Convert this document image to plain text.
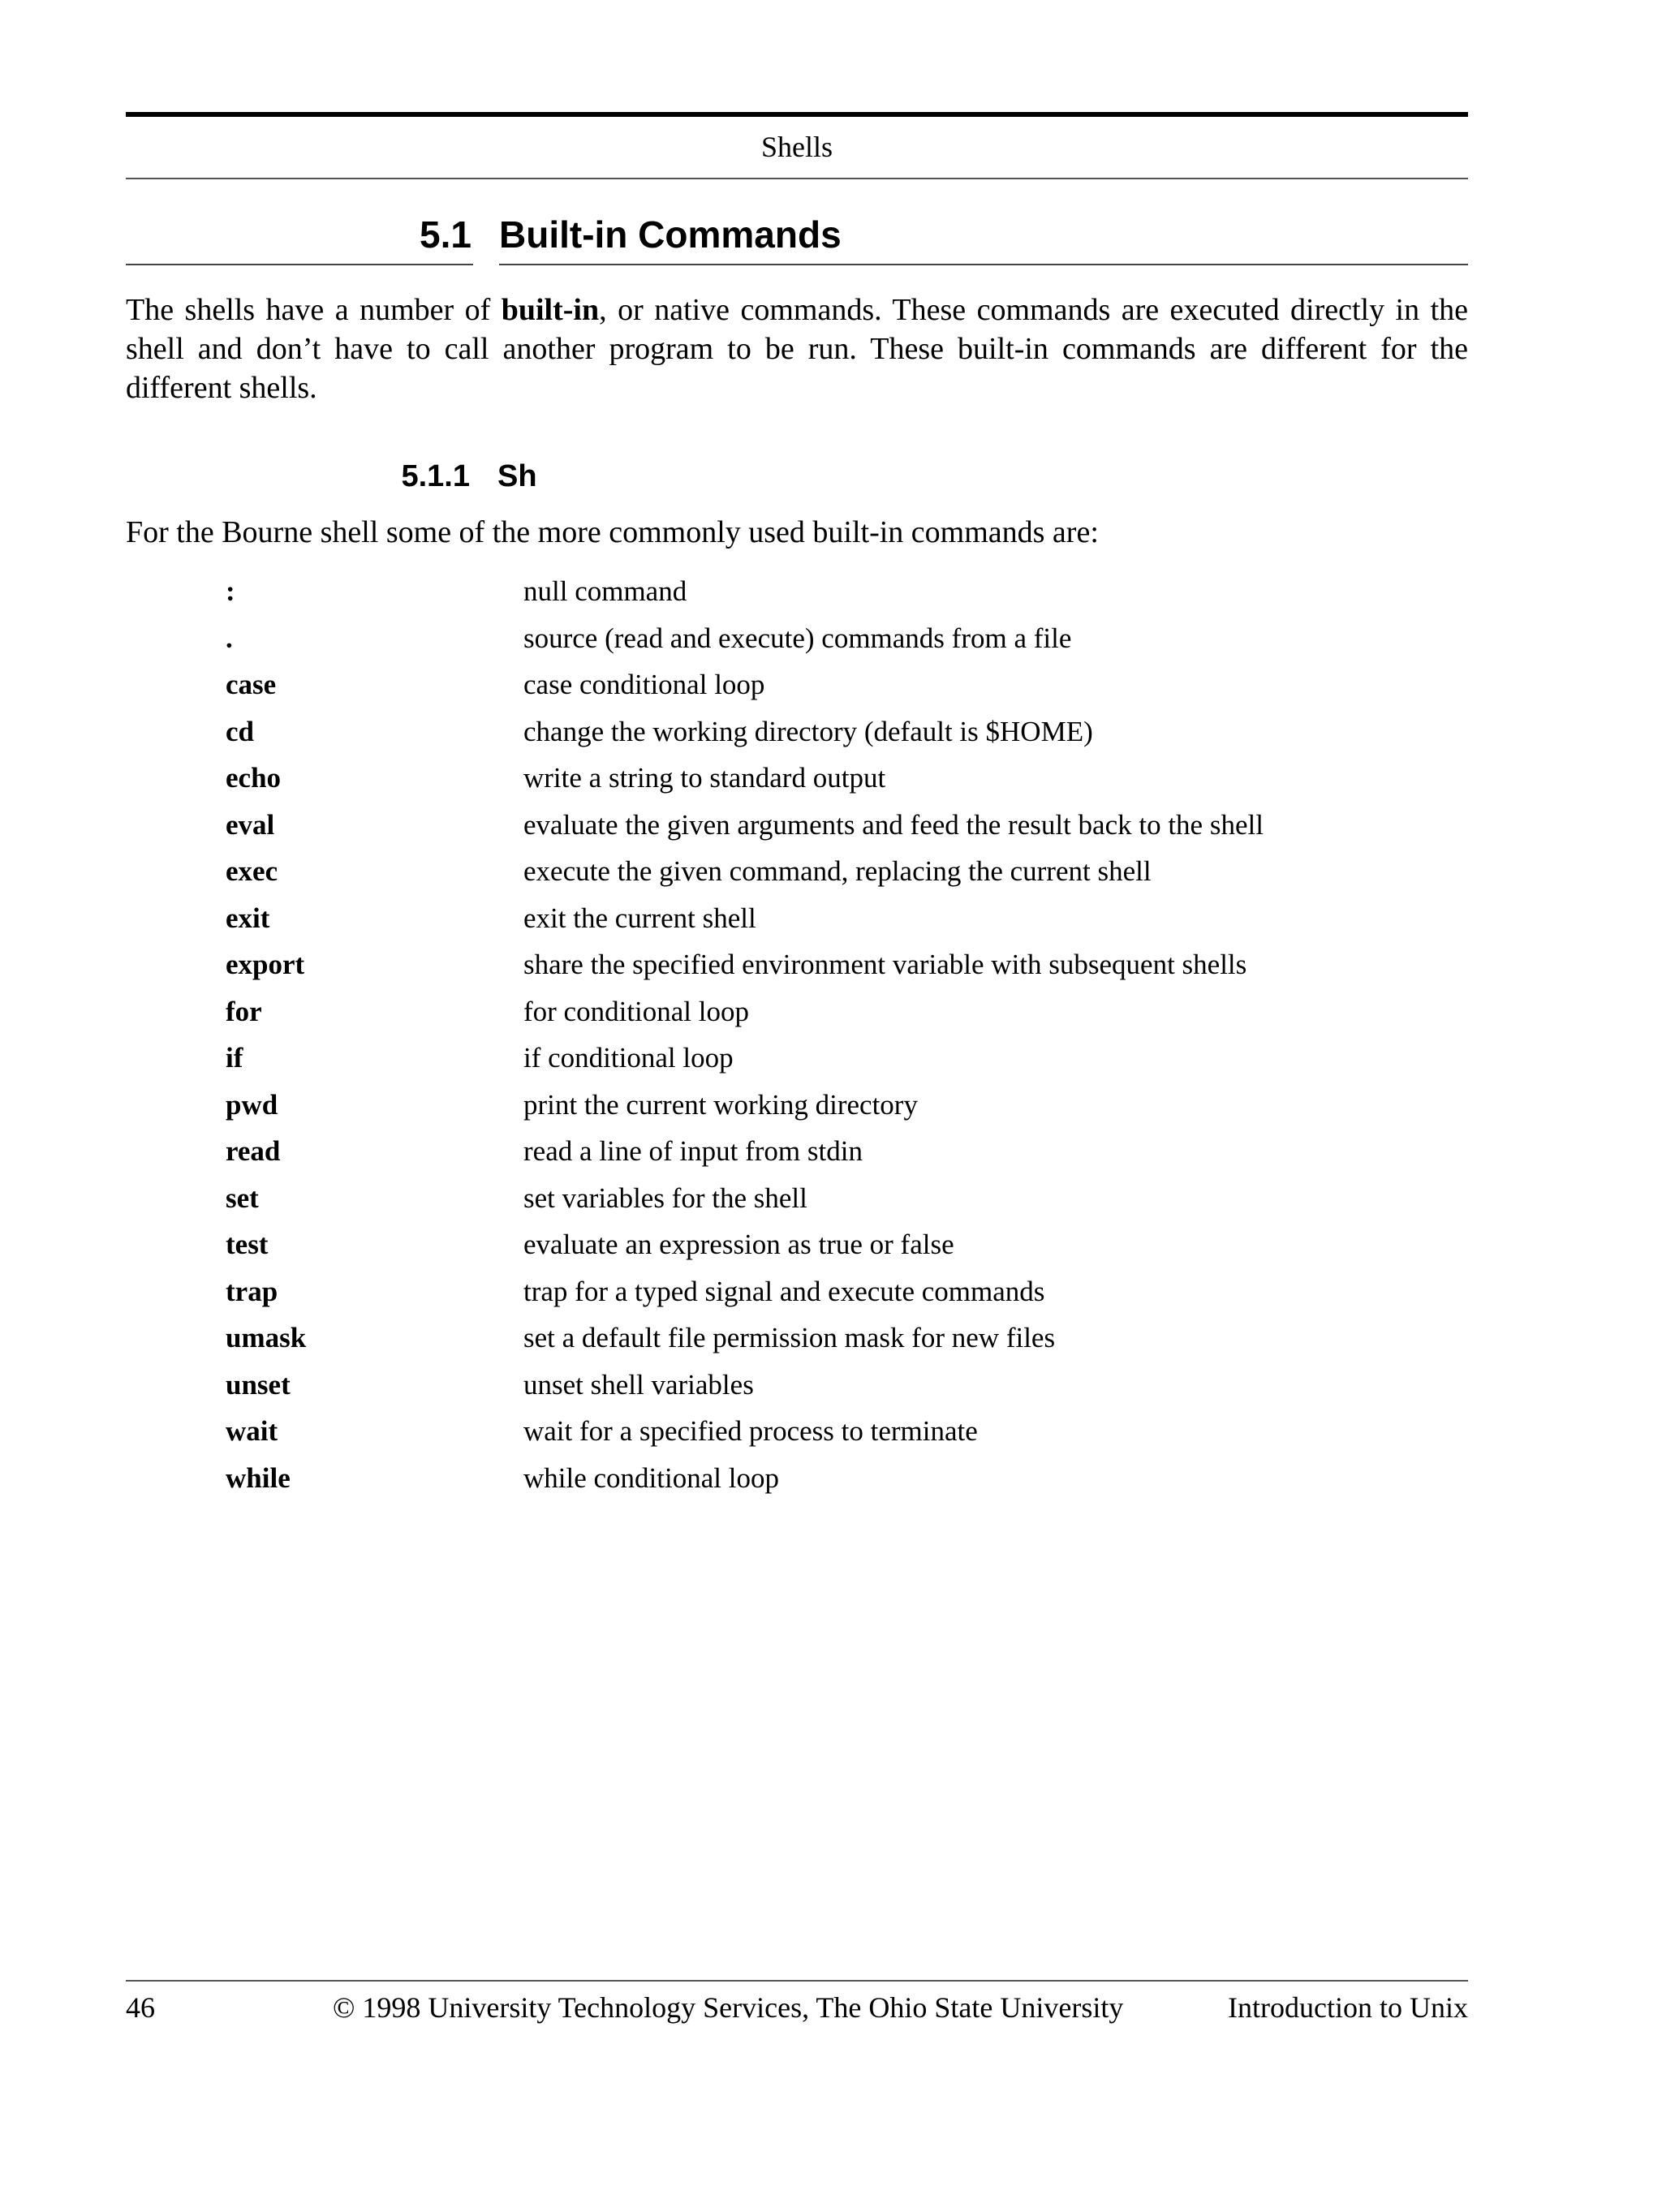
Shells
5.1 Built-in Commands

The shells have a number of built-in, or native commands. These commands are executed directly in the shell and don’t have to call another program to be run. These built-in commands are different for the different shells.

5.1.1 Sh
For the Bourne shell some of the more commonly used built-in commands are:
:	null command
.	source (read and execute) commands from a file
case	case conditional loop
cd	change the working directory (default is $HOME)
echo	write a string to standard output
eval	evaluate the given arguments and feed the result back to the shell
exec	execute the given command, replacing the current shell
exit	exit the current shell
export	share the specified environment variable with subsequent shells
for	for conditional loop
if	if conditional loop
pwd	print the current working directory
read	read a line of input from stdin
set	set variables for the shell
test	evaluate an expression as true or false
trap	trap for a typed signal and execute commands
umask	set a default file permission mask for new files
unset	unset shell variables
wait	wait for a specified process to terminate
while	while conditional loop
46	© 1998 University Technology Services, The Ohio State University	Introduction to Unix
